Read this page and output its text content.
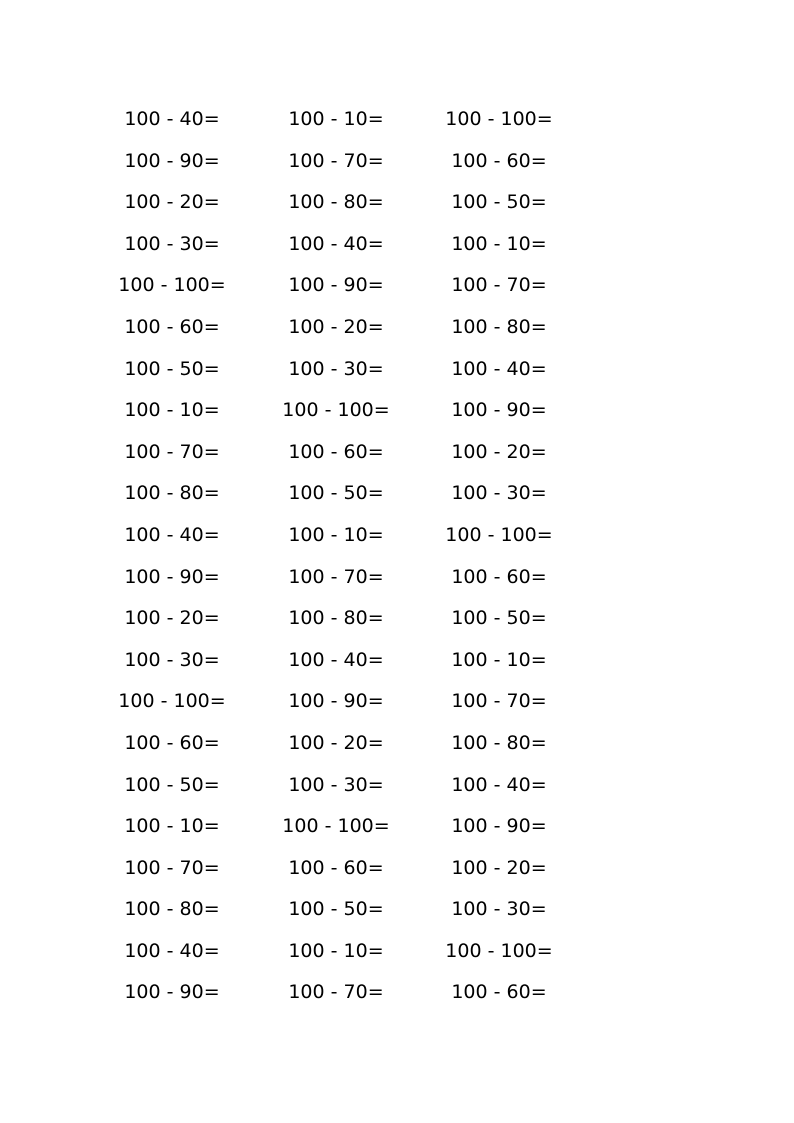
100 - 40=	100 - 10=	100 - 100=
100 - 90=	100 - 70=	100 - 60=
100 - 20=	100 - 80=	100 - 50=
100 - 30=	100 - 40=	100 - 10=
100 - 100=	100 - 90=	100 - 70=
100 - 60=	100 - 20=	100 - 80=
100 - 50=	100 - 30=	100 - 40=
100 - 10=	100 - 100=	100 - 90=
100 - 70=	100 - 60=	100 - 20=
100 - 80=	100 - 50=	100 - 30=
100 - 40=	100 - 10=	100 - 100=
100 - 90=	100 - 70=	100 - 60=
100 - 20=	100 - 80=	100 - 50=
100 - 30=	100 - 40=	100 - 10=
100 - 100=	100 - 90=	100 - 70=
100 - 60=	100 - 20=	100 - 80=
100 - 50=	100 - 30=	100 - 40=
100 - 10=	100 - 100=	100 - 90=
100 - 70=	100 - 60=	100 - 20=
100 - 80=	100 - 50=	100 - 30=
100 - 40=	100 - 10=	100 - 100=
100 - 90=	100 - 70=	100 - 60=
